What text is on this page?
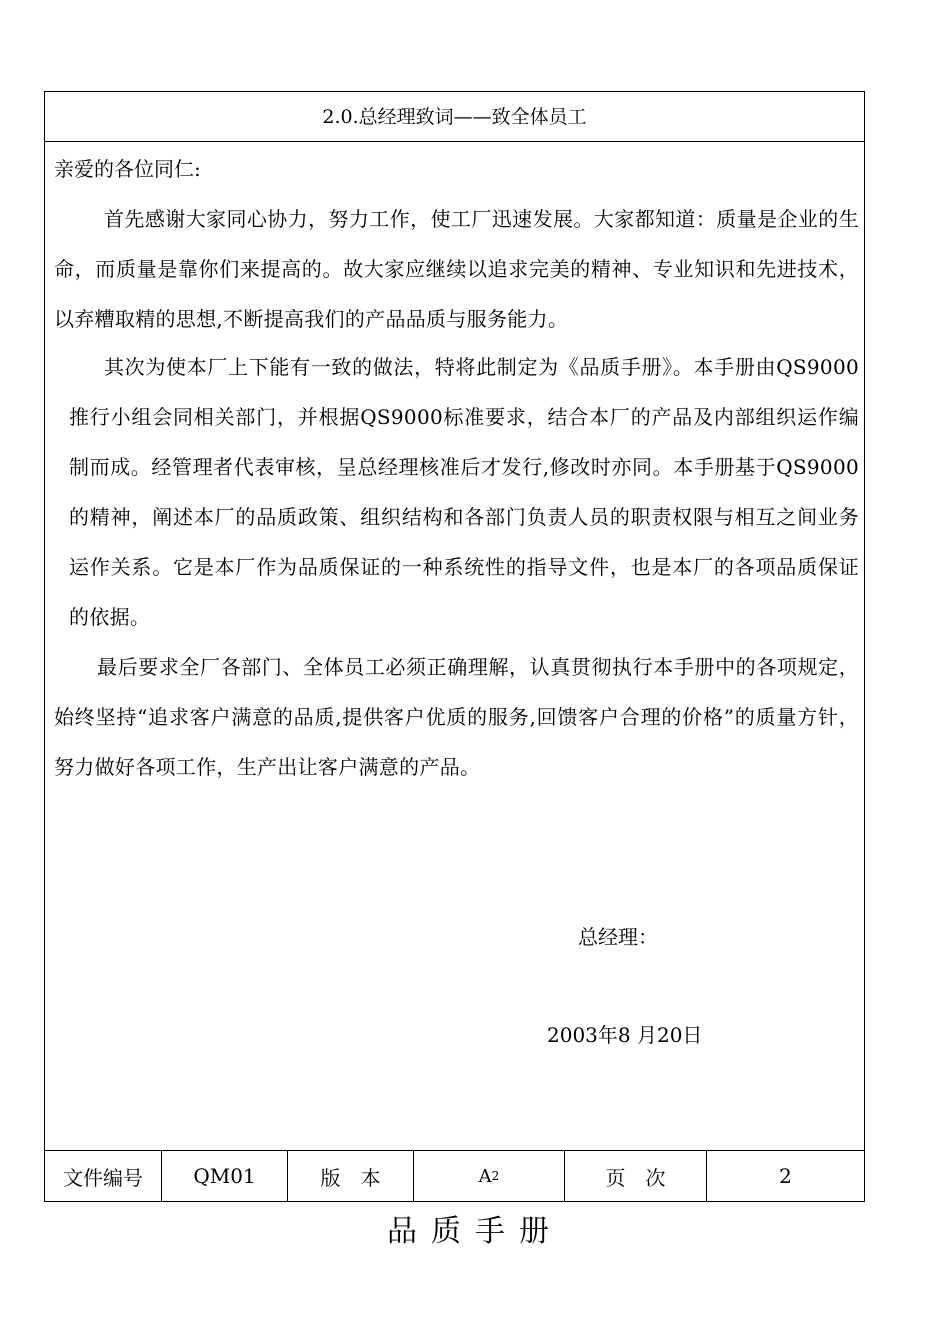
2.0.总经理致词——致全体员工
亲爱的各位同仁:
首先感谢大家同心协力，努力工作，使工厂迅速发展。大家都知道：质量是企业的生命，而质量是靠你们来提高的。故大家应继续以追求完美的精神、专业知识和先进技术，以弃糟取精的思想,不断提高我们的产品品质与服务能力。
其次为使本厂上下能有一致的做法，特将此制定为《品质手册》。本手册由QS9000推行小组会同相关部门，并根据QS9000标准要求，结合本厂的产品及内部组织运作编制而成。经管理者代表审核，呈总经理核准后才发行,修改时亦同。本手册基于QS9000的精神，阐述本厂的品质政策、组织结构和各部门负责人员的职责权限与相互之间业务运作关系。它是本厂作为品质保证的一种系统性的指导文件，也是本厂的各项品质保证的依据。
最后要求全厂各部门、全体员工必须正确理解，认真贯彻执行本手册中的各项规定，始终坚持“追求客户满意的品质,提供客户优质的服务,回馈客户合理的价格”的质量方针，努力做好各项工作，生产出让客户满意的产品。
总经理：
2003年8 月20日
文件编号	QM01	版　本	A 2	页　次	2
品质手册
